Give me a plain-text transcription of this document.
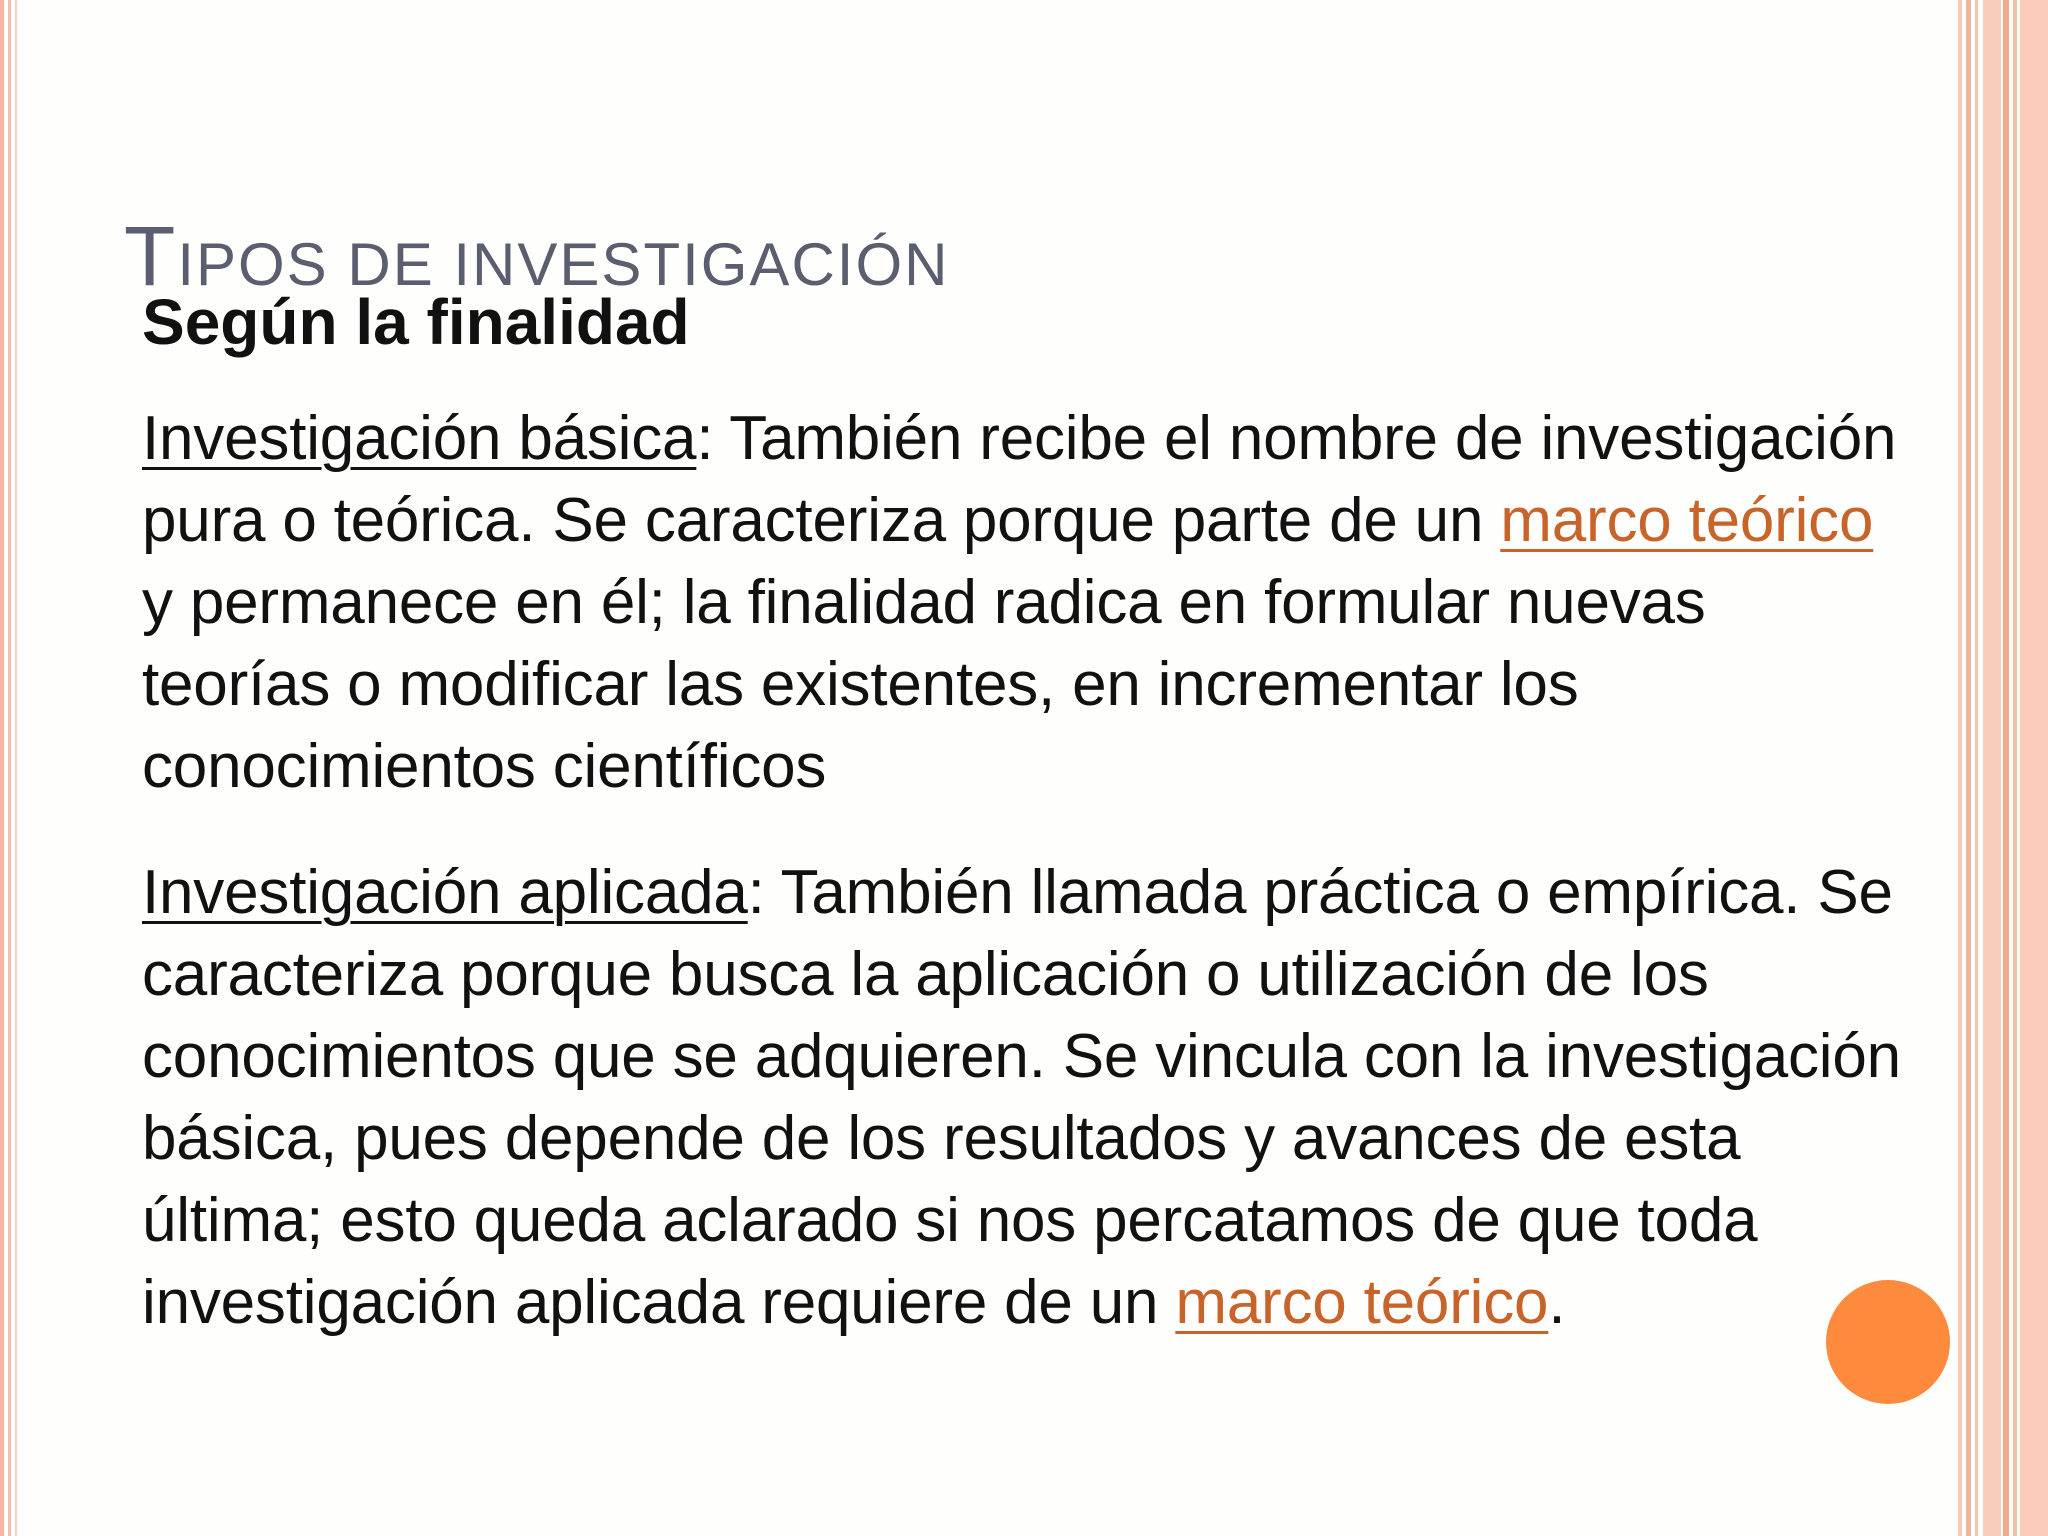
TIPOS DE INVESTIGACIÓN

Según la finalidad

Investigación básica: También recibe el nombre de investigación pura o teórica. Se caracteriza porque parte de un marco teórico y permanece en él; la finalidad radica en formular nuevas teorías o modificar las existentes, en incrementar los conocimientos científicos

Investigación aplicada: También llamada práctica o empírica. Se caracteriza porque busca la aplicación o utilización de los conocimientos que se adquieren. Se vincula con la investigación básica, pues depende de los resultados y avances de esta última; esto queda aclarado si nos percatamos de que toda investigación aplicada requiere de un marco teórico.
